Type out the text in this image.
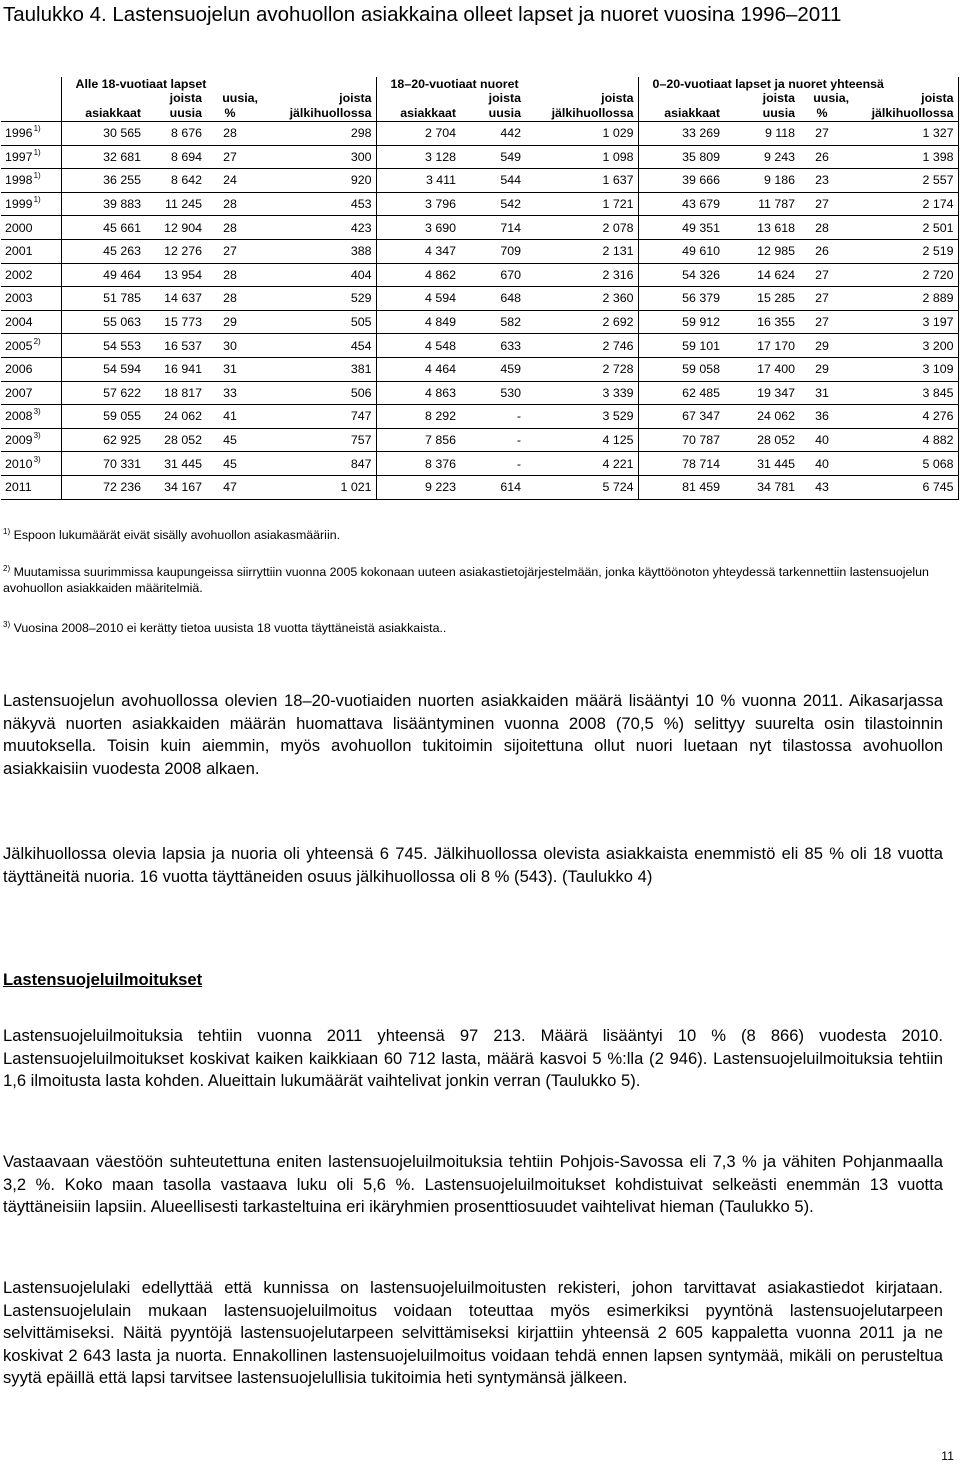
Taulukko 4. Lastensuojelun avohuollon asiakkaina olleet lapset ja nuoret vuosina 1996–2011
	Alle 18-vuotiaat lapset				18–20-vuotiaat nuoret			0–20-vuotiaat lapset ja nuoret yhteensä			
		joista	uusia,	joista		joista	joista		joista	uusia,	joista
	asiakkaat	uusia	%	jälkihuollossa	asiakkaat	uusia	jälkihuollossa	asiakkaat	uusia	%	jälkihuollossa
1996$^{1)}$	30 565	8 676	28	298	2 704	442	1 029	33 269	9 118	27	1 327
1997$^{1)}$	32 681	8 694	27	300	3 128	549	1 098	35 809	9 243	26	1 398
1998$^{1)}$	36 255	8 642	24	920	3 411	544	1 637	39 666	9 186	23	2 557
1999$^{1)}$	39 883	11 245	28	453	3 796	542	1 721	43 679	11 787	27	2 174
2000	45 661	12 904	28	423	3 690	714	2 078	49 351	13 618	28	2 501
2001	45 263	12 276	27	388	4 347	709	2 131	49 610	12 985	26	2 519
2002	49 464	13 954	28	404	4 862	670	2 316	54 326	14 624	27	2 720
2003	51 785	14 637	28	529	4 594	648	2 360	56 379	15 285	27	2 889
2004	55 063	15 773	29	505	4 849	582	2 692	59 912	16 355	27	3 197
2005$^{2)}$	54 553	16 537	30	454	4 548	633	2 746	59 101	17 170	29	3 200
2006	54 594	16 941	31	381	4 464	459	2 728	59 058	17 400	29	3 109
2007	57 622	18 817	33	506	4 863	530	3 339	62 485	19 347	31	3 845
2008$^{3)}$	59 055	24 062	41	747	8 292	-	3 529	67 347	24 062	36	4 276
2009$^{3)}$	62 925	28 052	45	757	7 856	-	4 125	70 787	28 052	40	4 882
2010$^{3)}$	70 331	31 445	45	847	8 376	-	4 221	78 714	31 445	40	5 068
2011	72 236	34 167	47	1 021	9 223	614	5 724	81 459	34 781	43	6 745

$^{1)}$ Espoon lukumäärät eivät sisälly avohuollon asiakasmääriin.

$^{2)}$ Muutamissa suurimmissa kaupungeissa siirryttiin vuonna 2005 kokonaan uuteen asiakastietojärjestelmään, jonka käyttöönoton yhteydessä tarkennettiin lastensuojelun avohuollon asiakkaiden määritelmiä.

$^{3)}$ Vuosina 2008–2010 ei kerätty tietoa uusista 18 vuotta täyttäneistä asiakkaista..

Lastensuojelun avohuollossa olevien 18–20-vuotiaiden nuorten asiakkaiden määrä lisääntyi 10 % vuonna 2011. Aikasarjassa näkyvä nuorten asiakkaiden määrän huomattava lisääntyminen vuonna 2008 (70,5 %) selittyy suurelta osin tilastoinnin muutoksella. Toisin kuin aiemmin, myös avohuollon tukitoimin sijoitettuna ollut nuori luetaan nyt tilastossa avohuollon asiakkaisiin vuodesta 2008 alkaen.

Jälkihuollossa olevia lapsia ja nuoria oli yhteensä 6 745. Jälkihuollossa olevista asiakkaista enemmistö eli 85 % oli 18 vuotta täyttäneitä nuoria. 16 vuotta täyttäneiden osuus jälkihuollossa oli 8 % (543). (Taulukko 4)

Lastensuojeluilmoitukset

Lastensuojeluilmoituksia tehtiin vuonna 2011 yhteensä 97 213. Määrä lisääntyi 10 % (8 866) vuodesta 2010. Lastensuojeluilmoitukset koskivat kaiken kaikkiaan 60 712 lasta, määrä kasvoi 5 %:lla (2 946). Lastensuojeluilmoituksia tehtiin 1,6 ilmoitusta lasta kohden. Alueittain lukumäärät vaihtelivat jonkin verran (Taulukko 5).

Vastaavaan väestöön suhteutettuna eniten lastensuojeluilmoituksia tehtiin Pohjois-Savossa eli 7,3 % ja vähiten Pohjanmaalla 3,2 %. Koko maan tasolla vastaava luku oli 5,6 %. Lastensuojeluilmoitukset kohdistuivat selkeästi enemmän 13 vuotta täyttäneisiin lapsiin. Alueellisesti tarkasteltuina eri ikäryhmien prosenttiosuudet vaihtelivat hieman (Taulukko 5).

Lastensuojelulaki edellyttää että kunnissa on lastensuojeluilmoitusten rekisteri, johon tarvittavat asiakastiedot kirjataan. Lastensuojelulain mukaan lastensuojeluilmoitus voidaan toteuttaa myös esimerkiksi pyyntönä lastensuojelutarpeen selvittämiseksi. Näitä pyyntöjä lastensuojelutarpeen selvittämiseksi kirjattiin yhteensä 2 605 kappaletta vuonna 2011 ja ne koskivat 2 643 lasta ja nuorta. Ennakollinen lastensuojeluilmoitus voidaan tehdä ennen lapsen syntymää, mikäli on perusteltua syytä epäillä että lapsi tarvitsee lastensuojelullisia tukitoimia heti syntymänsä jälkeen.

11
